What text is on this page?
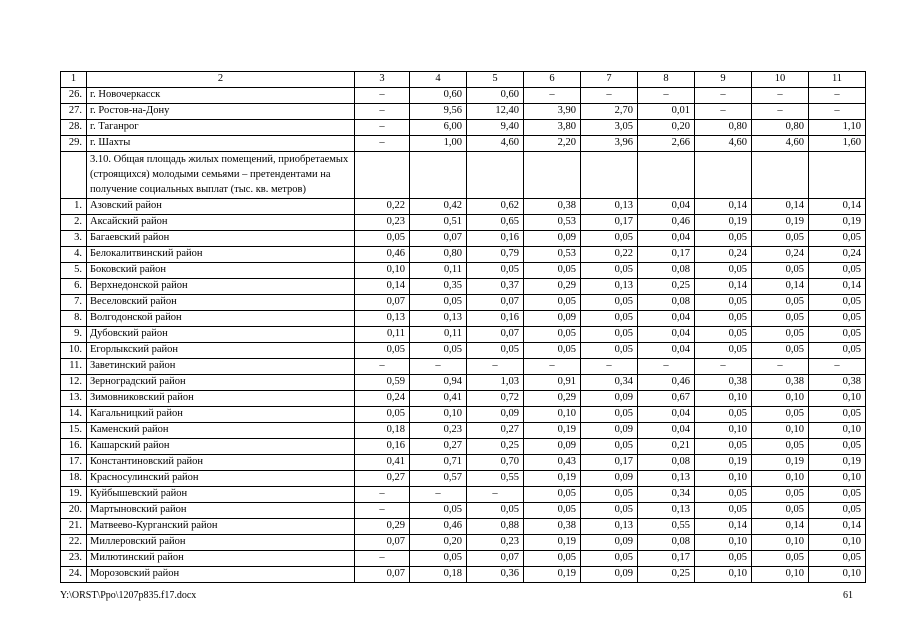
1	2	3	4	5	6	7	8	9	10	11
26.	г. Новочеркасск	–	0,60	0,60	–	–	–	–	–	–
27.	г. Ростов-на-Дону	–	9,56	12,40	3,90	2,70	0,01	–	–	–
28.	г. Таганрог	–	6,00	9,40	3,80	3,05	0,20	0,80	0,80	1,10
29.	г. Шахты	–	1,00	4,60	2,20	3,96	2,66	4,60	4,60	1,60
	3.10. Общая площадь жилых помещений, приобретаемых (строящихся) молодыми семьями – претендентами на получение социальных выплат (тыс. кв. метров)									
1.	Азовский район	0,22	0,42	0,62	0,38	0,13	0,04	0,14	0,14	0,14
2.	Аксайский район	0,23	0,51	0,65	0,53	0,17	0,46	0,19	0,19	0,19
3.	Багаевский район	0,05	0,07	0,16	0,09	0,05	0,04	0,05	0,05	0,05
4.	Белокалитвинский район	0,46	0,80	0,79	0,53	0,22	0,17	0,24	0,24	0,24
5.	Боковский район	0,10	0,11	0,05	0,05	0,05	0,08	0,05	0,05	0,05
6.	Верхнедонской район	0,14	0,35	0,37	0,29	0,13	0,25	0,14	0,14	0,14
7.	Веселовский район	0,07	0,05	0,07	0,05	0,05	0,08	0,05	0,05	0,05
8.	Волгодонской район	0,13	0,13	0,16	0,09	0,05	0,04	0,05	0,05	0,05
9.	Дубовский район	0,11	0,11	0,07	0,05	0,05	0,04	0,05	0,05	0,05
10.	Егорлыкский район	0,05	0,05	0,05	0,05	0,05	0,04	0,05	0,05	0,05
11.	Заветинский район	–	–	–	–	–	–	–	–	–
12.	Зерноградский район	0,59	0,94	1,03	0,91	0,34	0,46	0,38	0,38	0,38
13.	Зимовниковский район	0,24	0,41	0,72	0,29	0,09	0,67	0,10	0,10	0,10
14.	Кагальницкий район	0,05	0,10	0,09	0,10	0,05	0,04	0,05	0,05	0,05
15.	Каменский район	0,18	0,23	0,27	0,19	0,09	0,04	0,10	0,10	0,10
16.	Кашарский район	0,16	0,27	0,25	0,09	0,05	0,21	0,05	0,05	0,05
17.	Константиновский район	0,41	0,71	0,70	0,43	0,17	0,08	0,19	0,19	0,19
18.	Красносулинский район	0,27	0,57	0,55	0,19	0,09	0,13	0,10	0,10	0,10
19.	Куйбышевский район	–	–	–	0,05	0,05	0,34	0,05	0,05	0,05
20.	Мартыновский район	–	0,05	0,05	0,05	0,05	0,13	0,05	0,05	0,05
21.	Матвеево-Курганский район	0,29	0,46	0,88	0,38	0,13	0,55	0,14	0,14	0,14
22.	Миллеровский район	0,07	0,20	0,23	0,19	0,09	0,08	0,10	0,10	0,10
23.	Милютинский район	–	0,05	0,07	0,05	0,05	0,17	0,05	0,05	0,05
24.	Морозовский район	0,07	0,18	0,36	0,19	0,09	0,25	0,10	0,10	0,10
Y:\ORST\Ppo\1207p835.f17.docx	61
